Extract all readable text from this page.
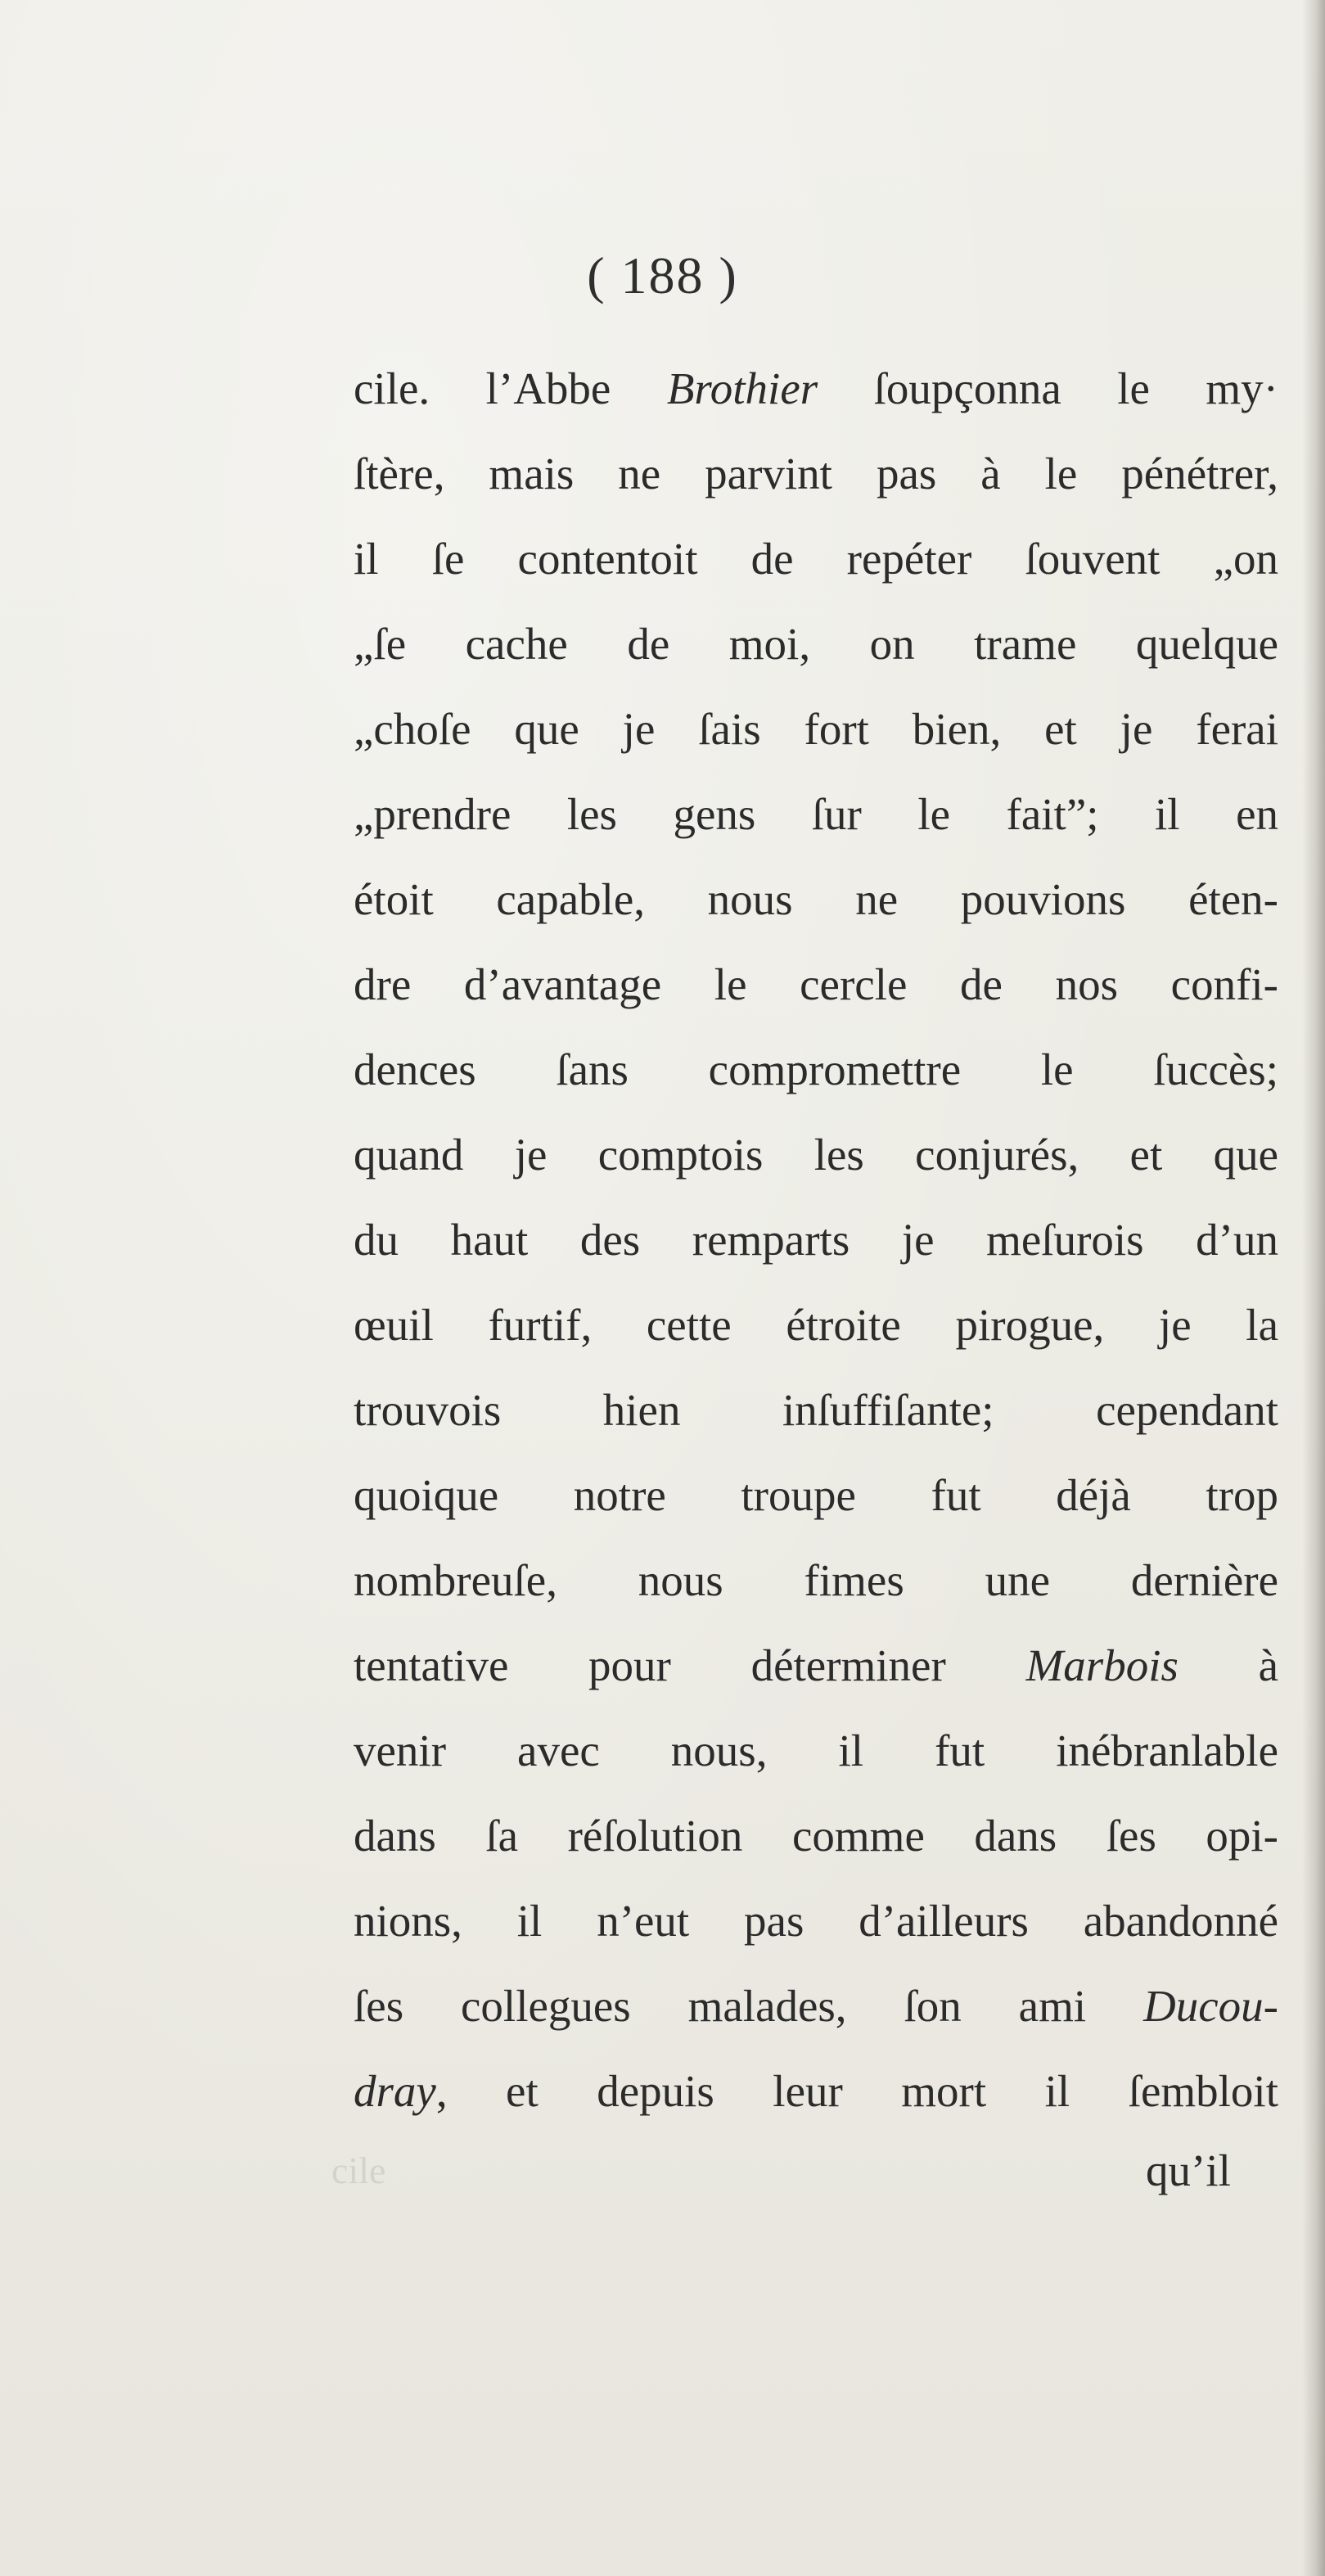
( 188 )
cile. l’Abbe Brothier ſoupçonna le my·
ſtère, mais ne parvint pas à le pénétrer,
il ſe contentoit de repéter ſouvent „on
„ſe cache de moi, on trame quelque
„choſe que je ſais fort bien, et je ferai
„prendre les gens ſur le fait”; il en
étoit capable, nous ne pouvions éten-
dre d’avantage le cercle de nos confi-
dences ſans compromettre le ſuccès;
quand je comptois les conjurés, et que
du haut des remparts je meſurois d’un
œuil furtif, cette étroite pirogue, je la
trouvois hien inſuffiſante; cependant
quoique notre troupe fut déjà trop
nombreuſe, nous fimes une dernière
tentative pour déterminer Marbois à
venir avec nous, il fut inébranlable
dans ſa réſolution comme dans ſes opi-
nions, il n’eut pas d’ailleurs abandonné
ſes collegues malades, ſon ami Ducou-
dray, et depuis leur mort il ſembloit
cile	qu’il
